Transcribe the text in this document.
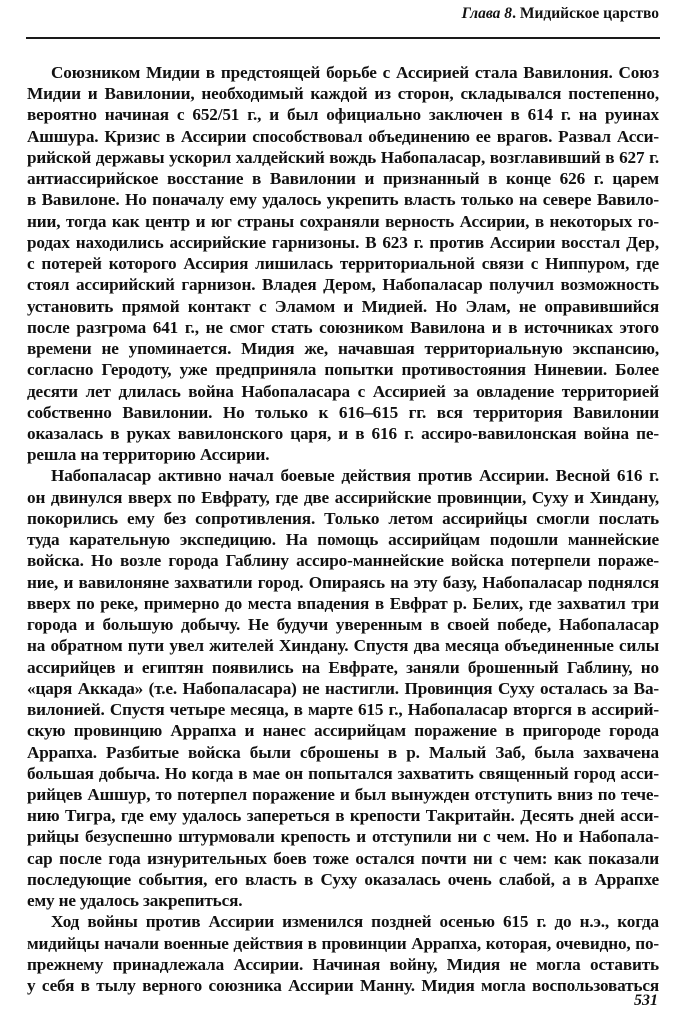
Глава 8. Мидийское царство
Союзником Мидии в предстоящей борьбе с Ассирией стала Вавилония. Союз
Мидии и Вавилонии, необходимый каждой из сторон, складывался постепенно,
вероятно начиная с 652/51 г., и был официально заключен в 614 г. на руинах
Ашшура. Кризис в Ассирии способствовал объединению ее врагов. Развал Асси-
рийской державы ускорил халдейский вождь Набопаласар, возглавивший в 627 г.
антиассирийское восстание в Вавилонии и признанный в конце 626 г. царем
в Вавилоне. Но поначалу ему удалось укрепить власть только на севере Вавило-
нии, тогда как центр и юг страны сохраняли верность Ассирии, в некоторых го-
родах находились ассирийские гарнизоны. В 623 г. против Ассирии восстал Дер,
с потерей которого Ассирия лишилась территориальной связи с Ниппуром, где
стоял ассирийский гарнизон. Владея Дером, Набопаласар получил возможность
установить прямой контакт с Эламом и Мидией. Но Элам, не оправившийся
после разгрома 641 г., не смог стать союзником Вавилона и в источниках этого
времени не упоминается. Мидия же, начавшая территориальную экспансию,
согласно Геродоту, уже предприняла попытки противостояния Ниневии. Более
десяти лет длилась война Набопаласара с Ассирией за овладение территорией
собственно Вавилонии. Но только к 616–615 гг. вся территория Вавилонии
оказалась в руках вавилонского царя, и в 616 г. ассиро-вавилонская война пе-
решла на территорию Ассирии.
Набопаласар активно начал боевые действия против Ассирии. Весной 616 г.
он двинулся вверх по Евфрату, где две ассирийские провинции, Суху и Хиндану,
покорились ему без сопротивления. Только летом ассирийцы смогли послать
туда карательную экспедицию. На помощь ассирийцам подошли маннейские
войска. Но возле города Габлину ассиро-маннейские войска потерпели пораже-
ние, и вавилоняне захватили город. Опираясь на эту базу, Набопаласар поднялся
вверх по реке, примерно до места впадения в Евфрат р. Белих, где захватил три
города и большую добычу. Не будучи уверенным в своей победе, Набопаласар
на обратном пути увел жителей Хиндану. Спустя два месяца объединенные силы
ассирийцев и египтян появились на Евфрате, заняли брошенный Габлину, но
«царя Аккада» (т.е. Набопаласара) не настигли. Провинция Суху осталась за Ва-
вилонией. Спустя четыре месяца, в марте 615 г., Набопаласар вторгся в ассирий-
скую провинцию Аррапха и нанес ассирийцам поражение в пригороде города
Аррапха. Разбитые войска были сброшены в р. Малый Заб, была захвачена
большая добыча. Но когда в мае он попытался захватить священный город асси-
рийцев Ашшур, то потерпел поражение и был вынужден отступить вниз по тече-
нию Тигра, где ему удалось запереться в крепости Такритайн. Десять дней асси-
рийцы безуспешно штурмовали крепость и отступили ни с чем. Но и Набопала-
сар после года изнурительных боев тоже остался почти ни с чем: как показали
последующие события, его власть в Суху оказалась очень слабой, а в Аррапхе
ему не удалось закрепиться.
Ход войны против Ассирии изменился поздней осенью 615 г. до н.э., когда
мидийцы начали военные действия в провинции Аррапха, которая, очевидно, по-
прежнему принадлежала Ассирии. Начиная войну, Мидия не могла оставить
у себя в тылу верного союзника Ассирии Манну. Мидия могла воспользоваться
531
